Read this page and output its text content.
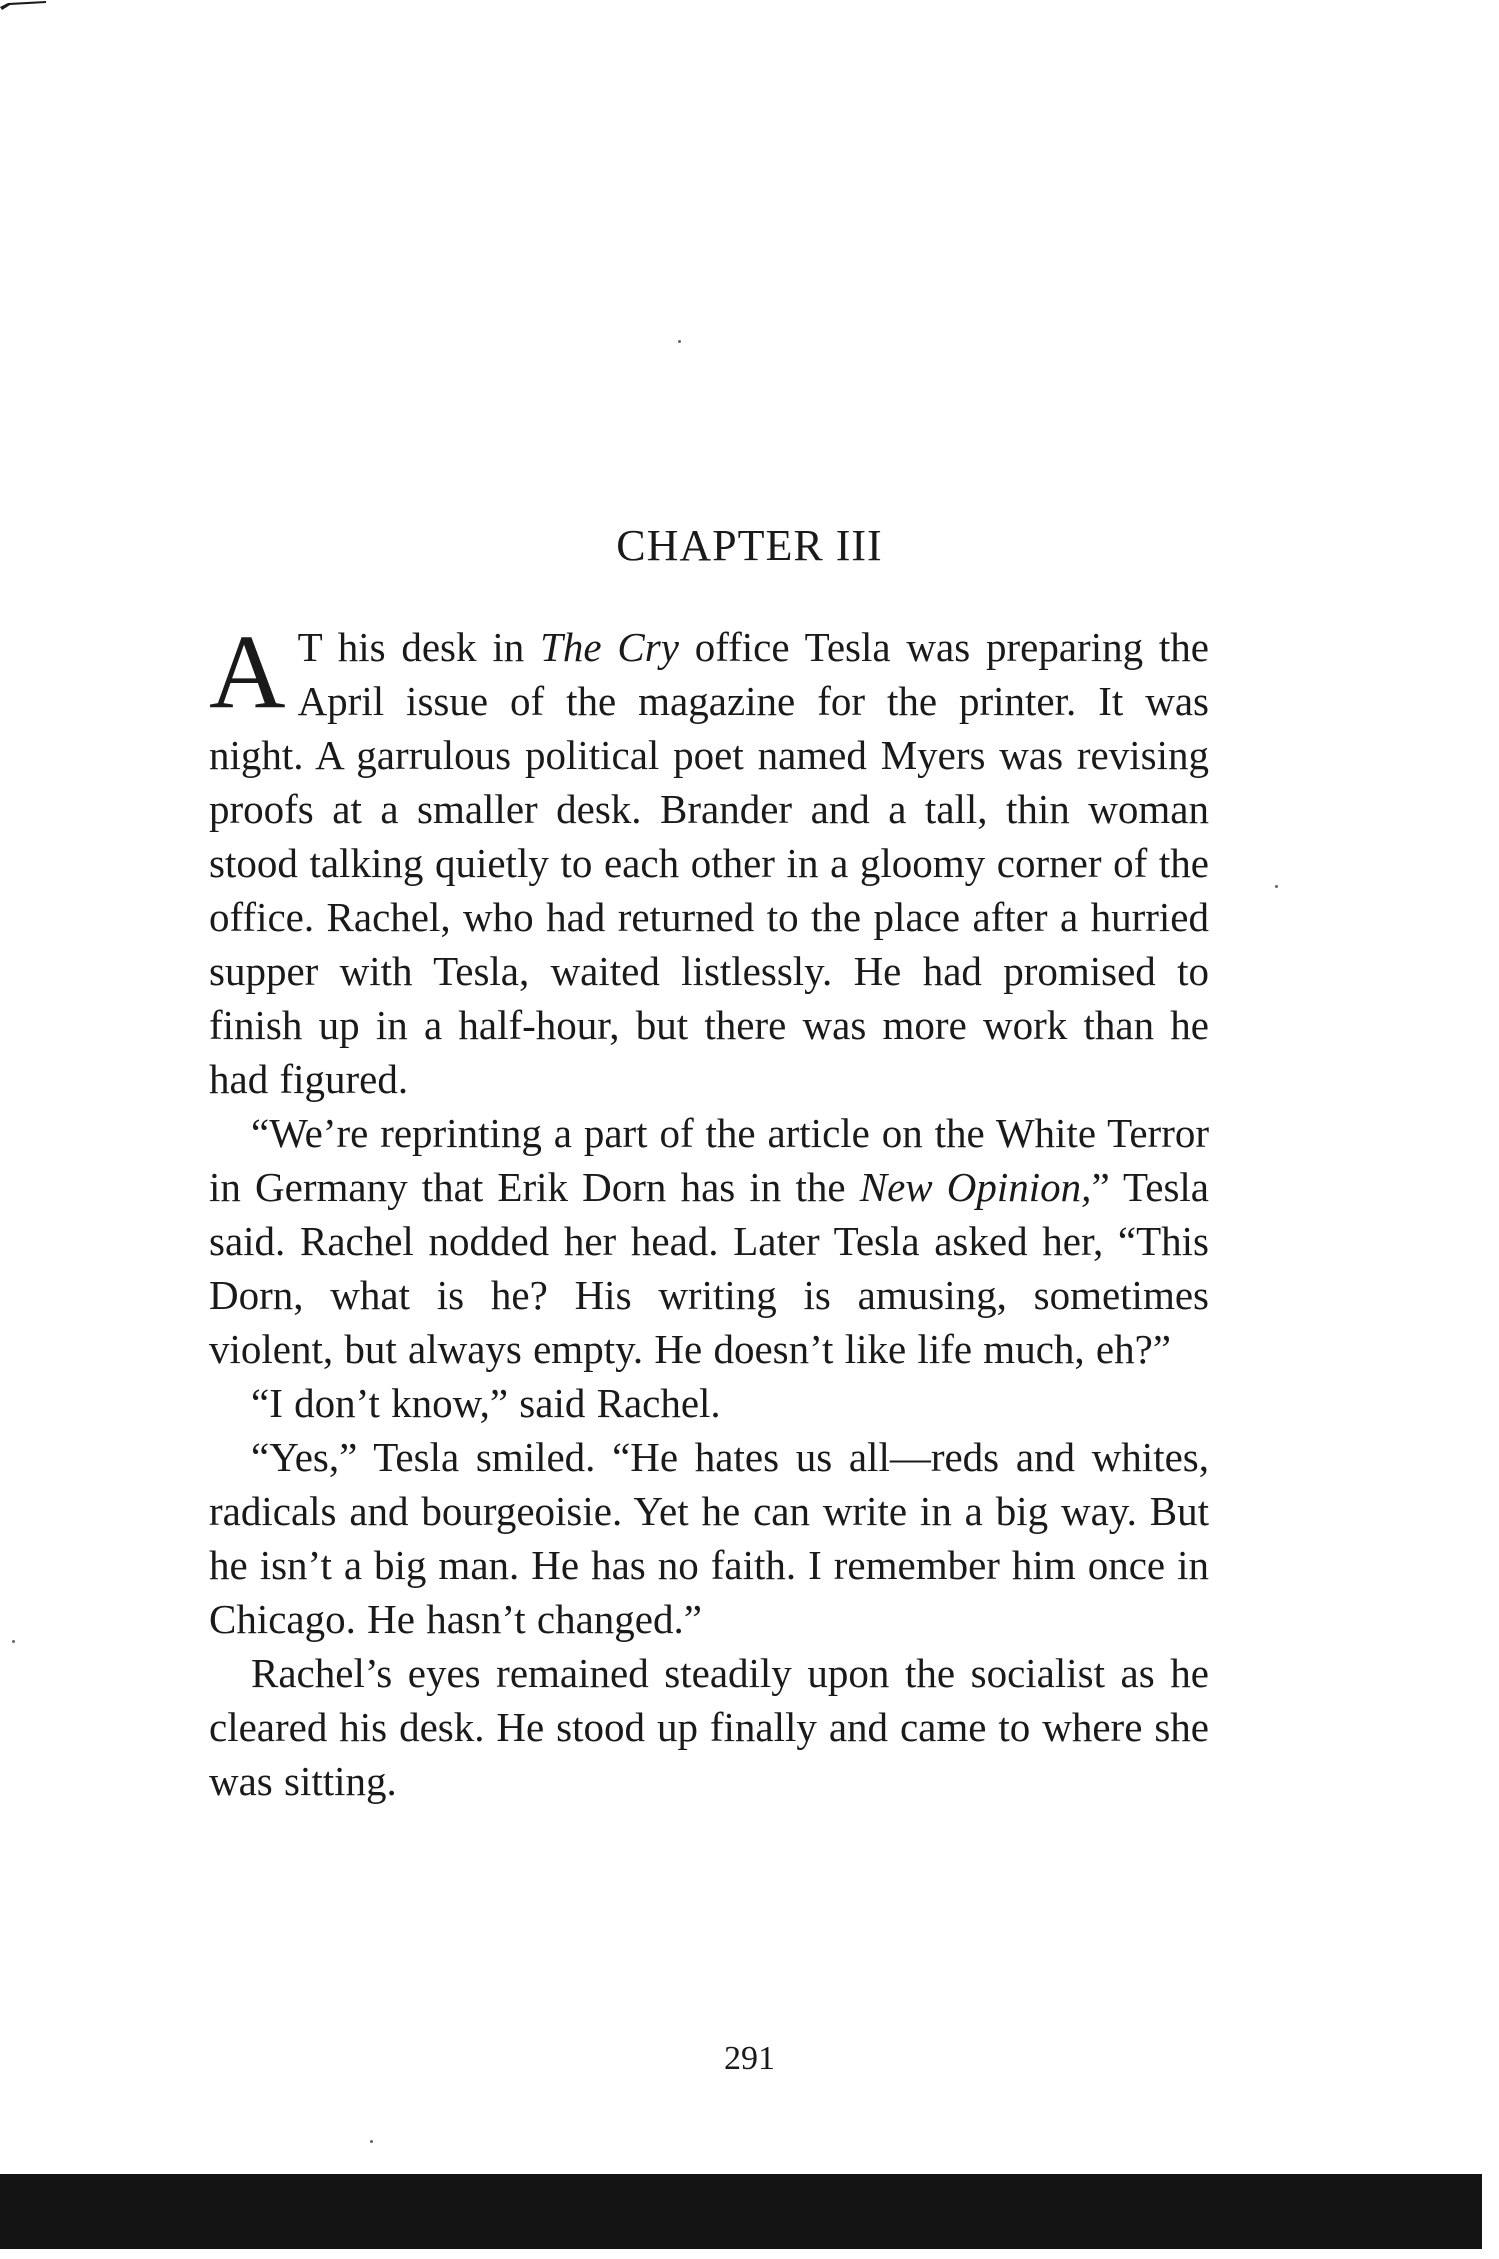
CHAPTER III

A T his desk in The Cry office Tesla was preparing the April issue of the magazine for the printer. It was night. A garrulous political poet named Myers was revising proofs at a smaller desk. Brander and a tall, thin woman stood talking quietly to each other in a gloomy corner of the office. Rachel, who had returned to the place after a hurried supper with Tesla, waited listlessly. He had promised to finish up in a half-hour, but there was more work than he had figured.

“We’re reprinting a part of the article on the White Terror in Germany that Erik Dorn has in the New Opinion,” Tesla said. Rachel nodded her head. Later Tesla asked her, “This Dorn, what is he? His writing is amusing, sometimes violent, but always empty. He doesn’t like life much, eh?”

“I don’t know,” said Rachel.

“Yes,” Tesla smiled. “He hates us all—reds and whites, radicals and bourgeoisie. Yet he can write in a big way. But he isn’t a big man. He has no faith. I remember him once in Chicago. He hasn’t changed.”

Rachel’s eyes remained steadily upon the socialist as he cleared his desk. He stood up finally and came to where she was sitting.

291
